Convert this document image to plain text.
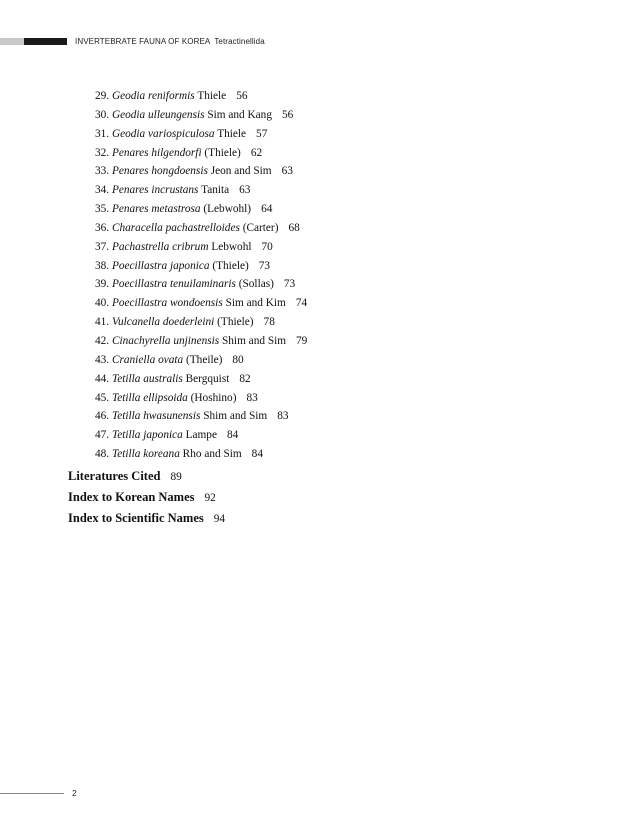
INVERTEBRATE FAUNA OF KOREA Tetractinellida
29. Geodia reniformis Thiele 56
30. Geodia ulleungensis Sim and Kang 56
31. Geodia variospiculosa Thiele 57
32. Penares hilgendorfi (Thiele) 62
33. Penares hongdoensis Jeon and Sim 63
34. Penares incrustans Tanita 63
35. Penares metastrosa (Lebwohl) 64
36. Characella pachastrelloides (Carter) 68
37. Pachastrella cribrum Lebwohl 70
38. Poecillastra japonica (Thiele) 73
39. Poecillastra tenuilaminaris (Sollas) 73
40. Poecillastra wondoensis Sim and Kim 74
41. Vulcanella doederleini (Thiele) 78
42. Cinachyrella unjinensis Shim and Sim 79
43. Craniella ovata (Theile) 80
44. Tetilla australis Bergquist 82
45. Tetilla ellipsoida (Hoshino) 83
46. Tetilla hwasunensis Shim and Sim 83
47. Tetilla japonica Lampe 84
48. Tetilla koreana Rho and Sim 84
Literatures Cited 89
Index to Korean Names 92
Index to Scientific Names 94
2
